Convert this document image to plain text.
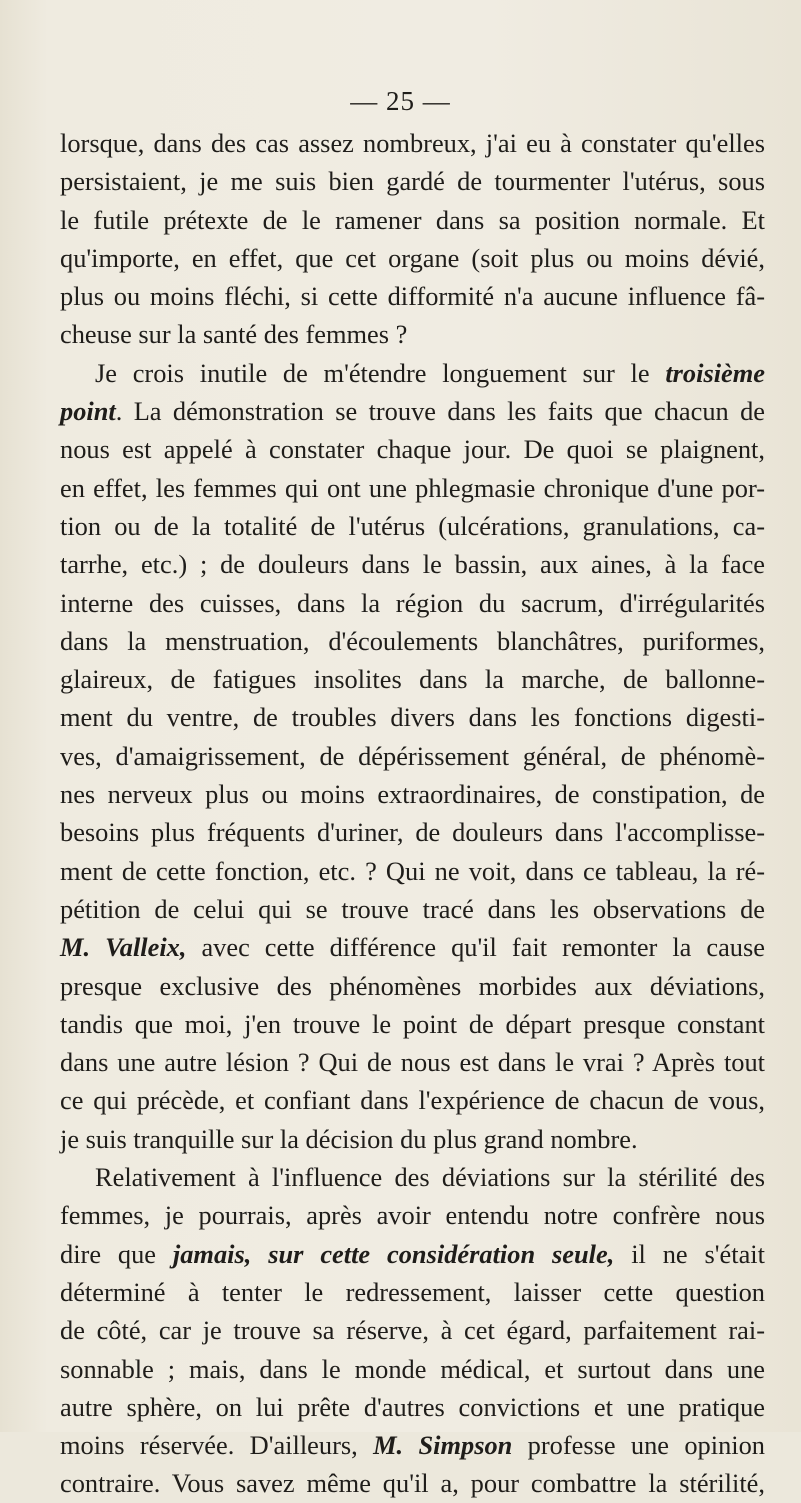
— 25 —
lorsque, dans des cas assez nombreux, j'ai eu à constater qu'elles
persistaient, je me suis bien gardé de tourmenter l'utérus, sous
le futile prétexte de le ramener dans sa position normale. Et
qu'importe, en effet, que cet organe (soit plus ou moins dévié,
plus ou moins fléchi, si cette difformité n'a aucune influence fâ-
cheuse sur la santé des femmes ?
Je crois inutile de m'étendre longuement sur le troisième
point. La démonstration se trouve dans les faits que chacun de
nous est appelé à constater chaque jour. De quoi se plaignent,
en effet, les femmes qui ont une phlegmasie chronique d'une por-
tion ou de la totalité de l'utérus (ulcérations, granulations, ca-
tarrhe, etc.) ; de douleurs dans le bassin, aux aines, à la face
interne des cuisses, dans la région du sacrum, d'irrégularités
dans la menstruation, d'écoulements blanchâtres, puriformes,
glaireux, de fatigues insolites dans la marche, de ballonne-
ment du ventre, de troubles divers dans les fonctions digesti-
ves, d'amaigrissement, de dépérissement général, de phénomè-
nes nerveux plus ou moins extraordinaires, de constipation, de
besoins plus fréquents d'uriner, de douleurs dans l'accomplisse-
ment de cette fonction, etc. ? Qui ne voit, dans ce tableau, la ré-
pétition de celui qui se trouve tracé dans les observations de
M. Valleix, avec cette différence qu'il fait remonter la cause
presque exclusive des phénomènes morbides aux déviations,
tandis que moi, j'en trouve le point de départ presque constant
dans une autre lésion ? Qui de nous est dans le vrai ? Après tout
ce qui précède, et confiant dans l'expérience de chacun de vous,
je suis tranquille sur la décision du plus grand nombre.
Relativement à l'influence des déviations sur la stérilité des
femmes, je pourrais, après avoir entendu notre confrère nous
dire que jamais, sur cette considération seule, il ne s'était
déterminé à tenter le redressement, laisser cette question
de côté, car je trouve sa réserve, à cet égard, parfaitement rai-
sonnable ; mais, dans le monde médical, et surtout dans une
autre sphère, on lui prête d'autres convictions et une pratique
moins réservée. D'ailleurs, M. Simpson professe une opinion
contraire. Vous savez même qu'il a, pour combattre la stérilité,
